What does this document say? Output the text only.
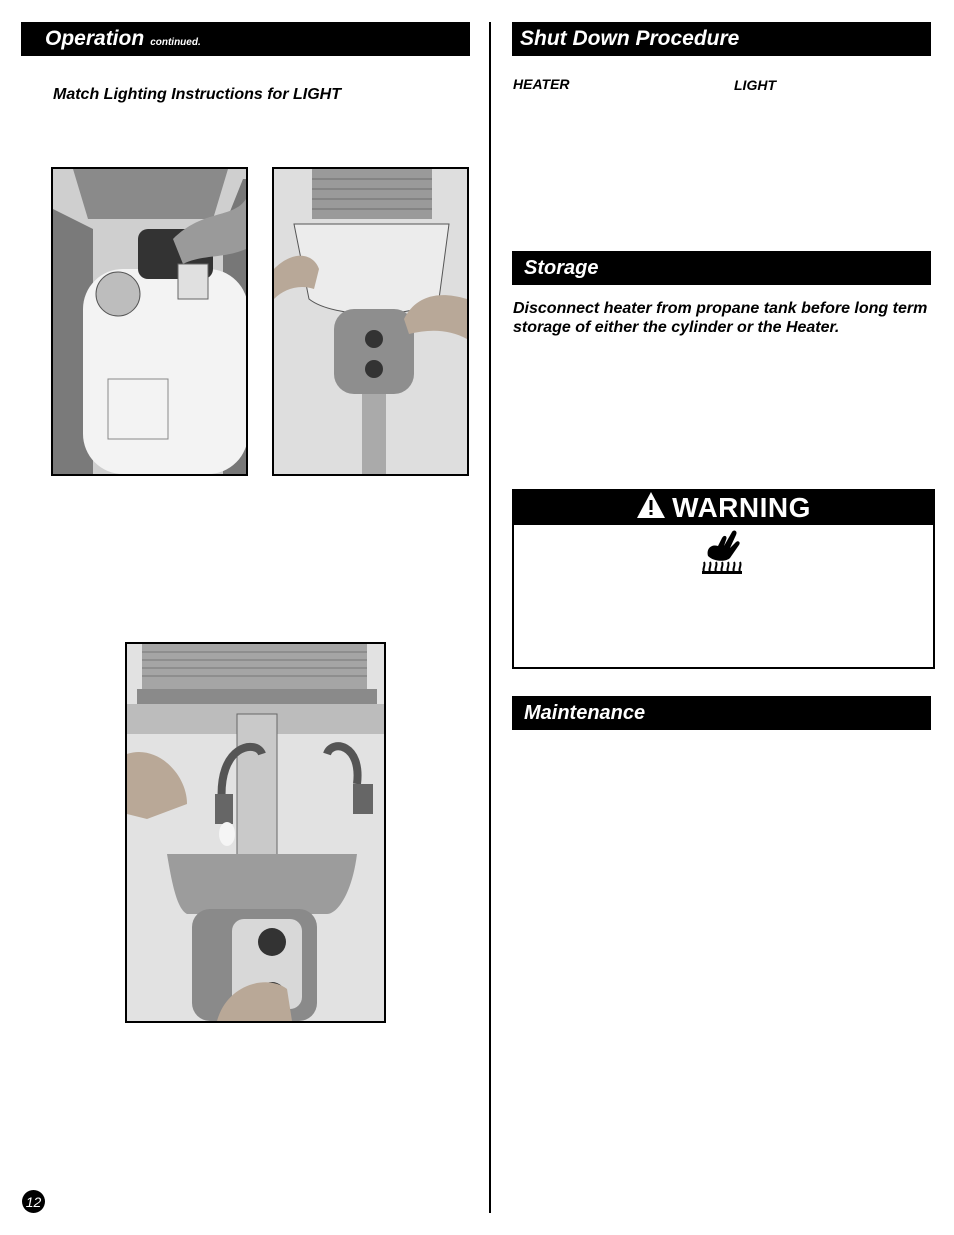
Operation continued.
Match Lighting Instructions for LIGHT
Shut Down Procedure
HEATER	LIGHT
Storage
Disconnect heater from propane tank before long term storage of either the cylinder or the Heater.
WARNING
Maintenance
12
